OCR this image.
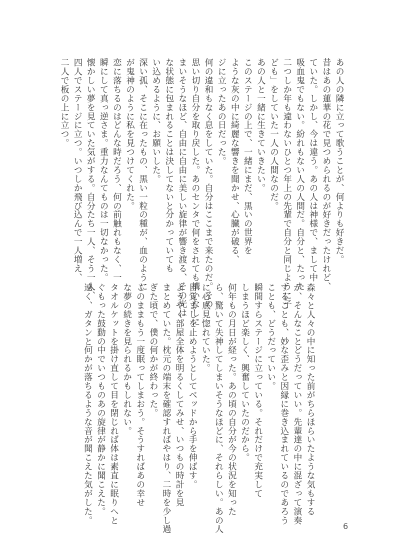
あの人の隣に立って歌うことが、何よりも好きだ。
昔はあの蓮華の花で見つめられるのが好きだったけれど、
ていた。しかし、今は違う。あの人は神様で、まして中
吸血鬼でもない。紛れもない人の人間だ。自分と、たった
二つしか年も違わないひとつ年上の先輩で自分と同じように子
ども」をしていた一人の人間なのだ。
あの人と一緒に生きていきたい。
このステージの上で、一緒にまだ、黒いの世界を
ような灰の中に綺麗な響きを聞かせ、心臓が破る、
ジに立ったあの日だった。
何の違和もなく息をしていた。自分はここまで来たのだ。その
思い切り自分を取り戻した。あのセンタで何をされても構いなしに
まいそうなほど、自由に自由に美しい旋律が響き渡る、その光は
な状態に包まれることは決してないと分かっていても
い込めるように、お願いした。
深い孤、そこに在ったもの、黒い一粒の種が、血のように
が鬼神のように私を見つけてくれた。
恋に落ちるのはどんな時だろう、何の前触れもなく、一
瞬にして真っ逆さま。重力なんてものは一切なかった。
懐かしい夢を見ていた気がする。自分たち一人、そう一人、
四人でステージに立つ。いつしか飛び込んで一人増え、
二人で板の上に立つ。
森々と人々の中に知った前がちらほらいたような気もする
が、そんなことどうだっていい。先輩達の中に混ざって演奏
することも、妙な歪みと因縁に巻き込まれているのであろう
ことも、どうだっていい。
瞬間すらステージに立っている。それだけで充実して
しまうほど楽しく、興奮していたのだから。
何年もの月日が経った。あの頃の自分が今の状況を知った
ら、驚いて失神してしまいそうなほどに、それらしい。あの人
に心底見惚れていた。
目覚ましを止めようとしてベッドから手を伸ばす。
ようやく部屋全体を明るくしてみせ、いつもの時計を見
まとめていた。枕元の端末を確認すればやはり、二時を少し過
ぎた頃で、僕の何かが終わった。
このままもう一度眠ってしまおう。そうすればあの幸せ
な夢の続きを見られるかもしれない。
タオルケットを掛け直して目を閉じれば体は素直に眠りへと
ぐもった鼓動の中でいつものあの旋律が静かに聞こえた。
遠く、ガタンと何かが落ちるような音が聞こえた気がした。
6
